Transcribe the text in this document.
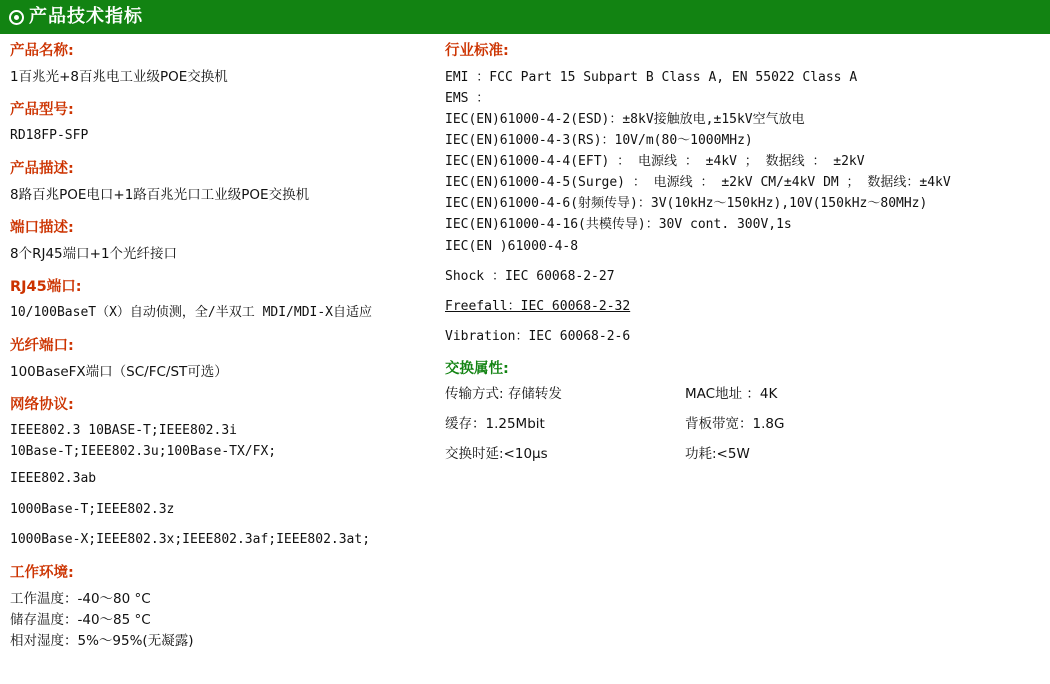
产品技术指标
产品名称:
1百兆光+8百兆电工业级POE交换机
产品型号:
RD18FP-SFP
产品描述:
8路百兆POE电口+1路百兆光口工业级POE交换机
端口描述:
8个RJ45端口+1个光纤接口
RJ45端口:
10/100BaseT（X）自动侦测，全/半双工 MDI/MDI-X自适应
光纤端口:
100BaseFX端口（SC/FC/ST可选）
网络协议:
IEEE802.3 10BASE-T;IEEE802.3i
10Base-T;IEEE802.3u;100Base-TX/FX;
IEEE802.3ab
1000Base-T;IEEE802.3z
1000Base-X;IEEE802.3x;IEEE802.3af;IEEE802.3at;
工作环境:
工作温度：-40～80 °C
储存温度：-40～85 °C
相对湿度：5%～95%(无凝露)
行业标准:
EMI ：FCC Part 15 Subpart B Class A, EN 55022 Class A
EMS ：
IEC(EN)61000-4-2(ESD)：±8kV接触放电,±15kV空气放电
IEC(EN)61000-4-3(RS)：10V/m(80～1000MHz)
IEC(EN)61000-4-4(EFT) ： 电源线 ： ±4kV ； 数据线 ： ±2kV
IEC(EN)61000-4-5(Surge) ： 电源线 ： ±2kV CM/±4kV DM ； 数据线：±4kV
IEC(EN)61000-4-6(射频传导)：3V(10kHz～150kHz),10V(150kHz～80MHz)
IEC(EN)61000-4-16(共模传导)：30V cont. 300V,1s
IEC(EN )61000-4-8
Shock ：IEC 60068-2-27
Freefall：IEC 60068-2-32
Vibration：IEC 60068-2-6
交换属性:
传输方式: 存储转发	MAC地址 ：4K
缓存：1.25Mbit	背板带宽：1.8G
交换时延:<10μs	功耗:<5W
